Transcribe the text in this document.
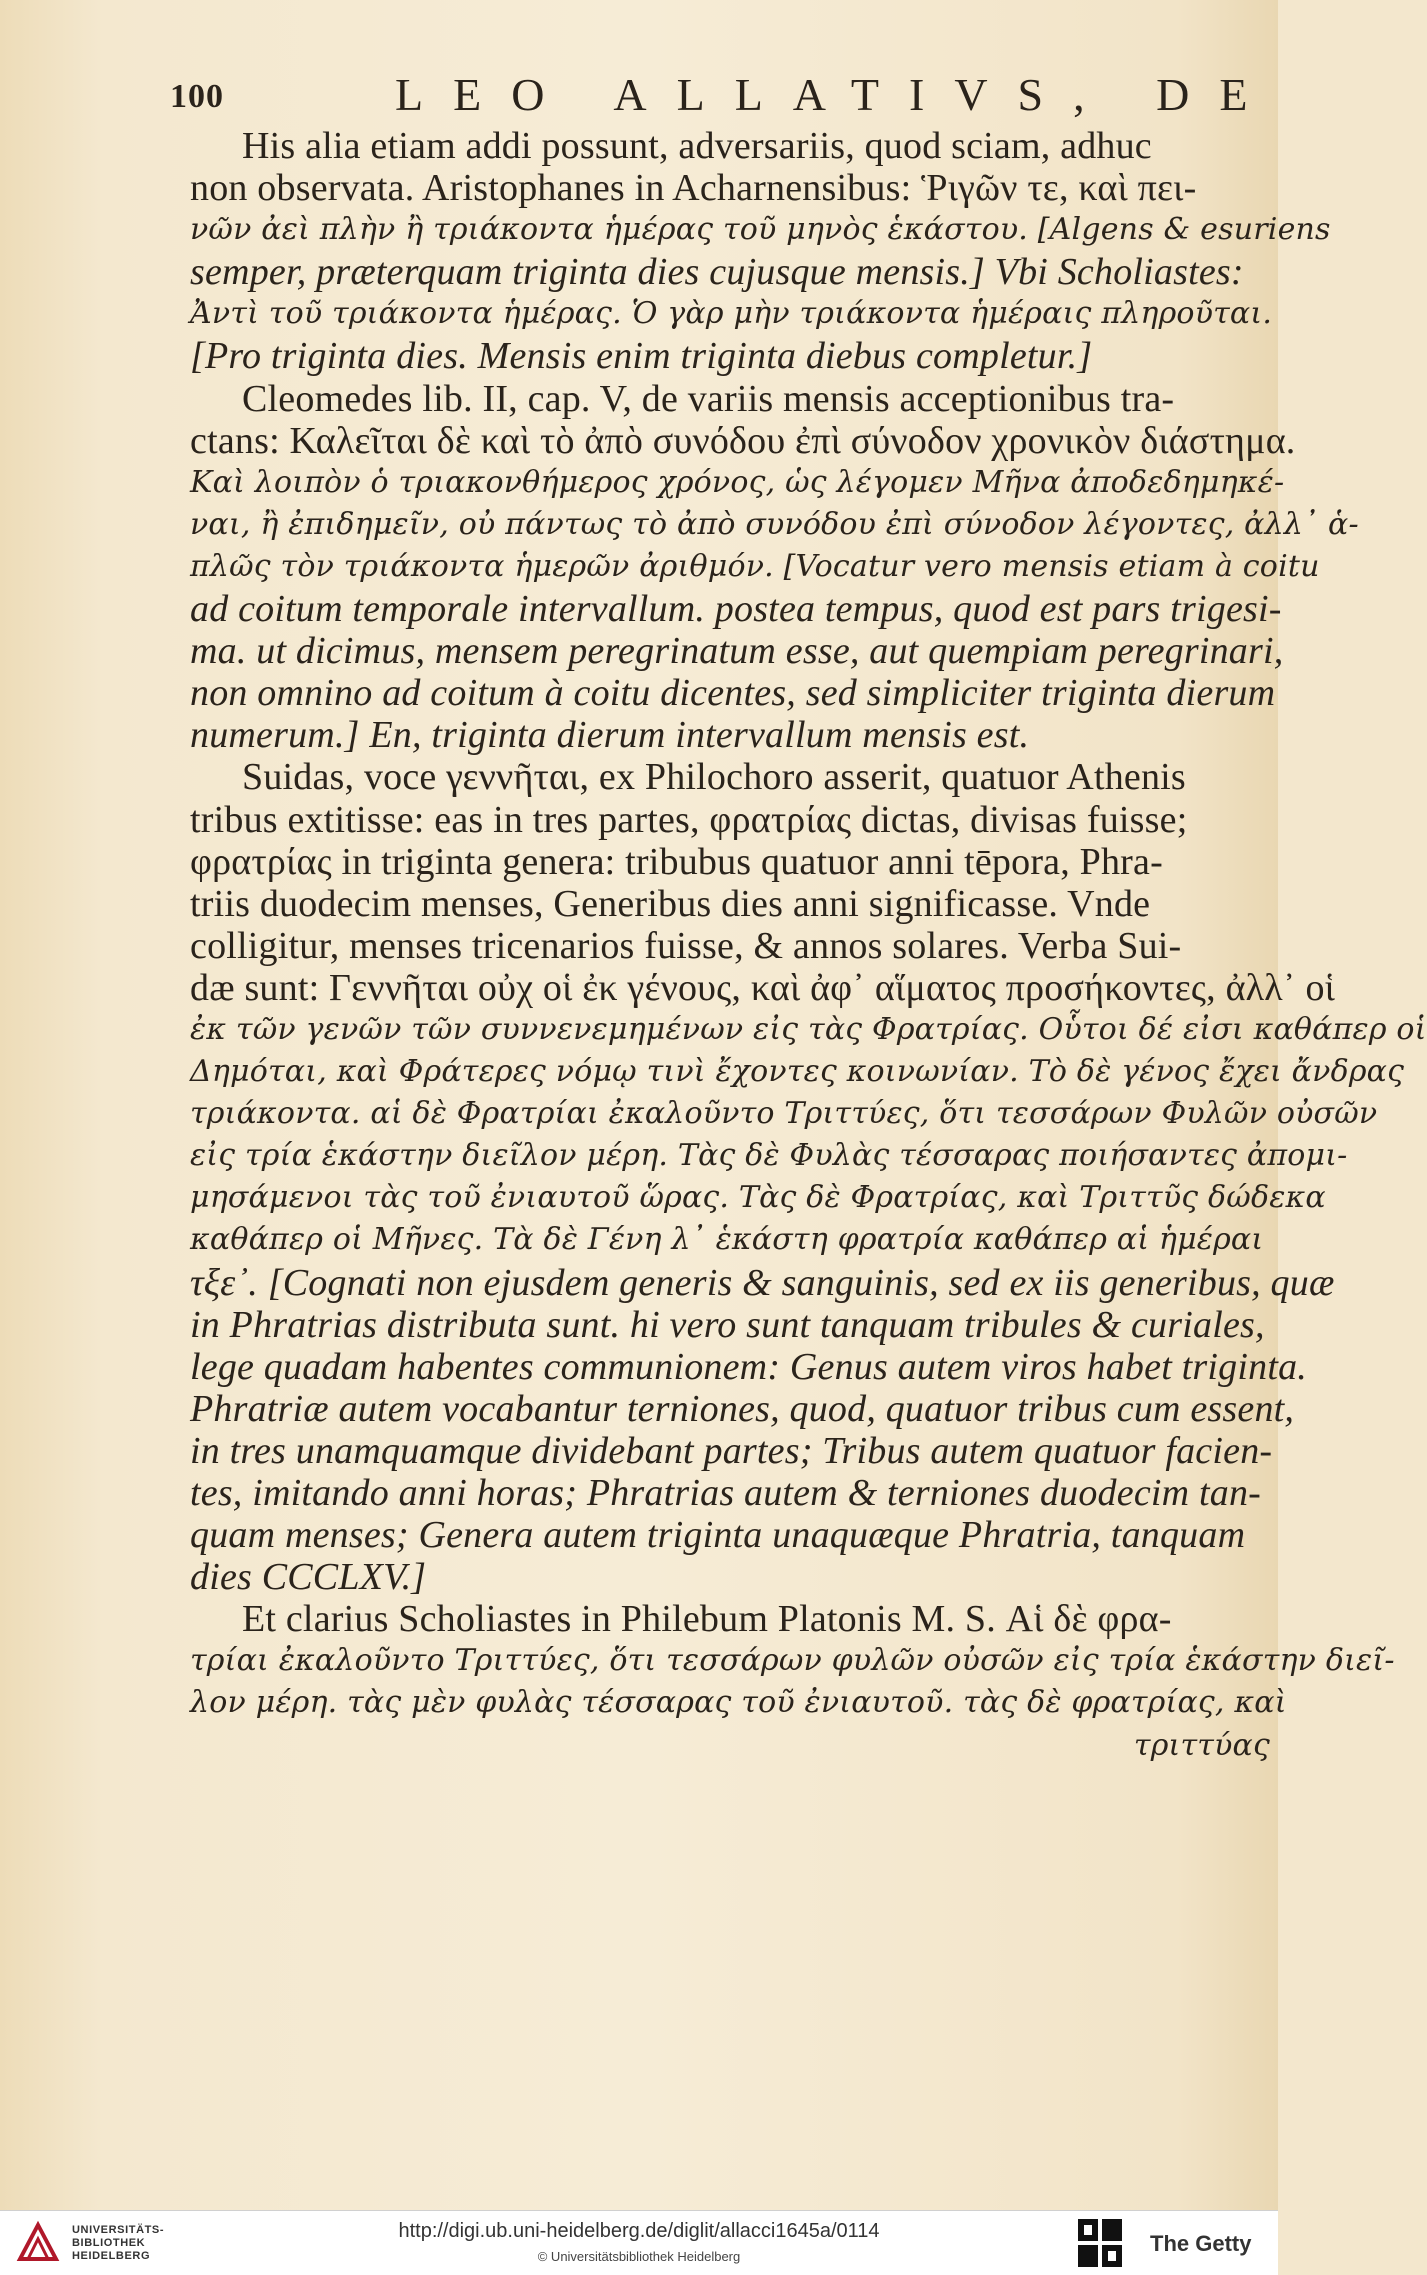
100	LEO ALLATIVS, DE
His alia etiam addi possunt, adversariis, quod sciam, adhuc
non observata. Aristophanes in Acharnensibus: Ῥιγῶν τε, καὶ πει-
νῶν ἀεὶ πλὴν ἢ τριάκοντα ἡμέρας τοῦ μηνὸς ἑκάστου. [Algens & esuriens
semper, præterquam triginta dies cujusque mensis.] Vbi Scholiastes:
Ἀντὶ τοῦ τριάκοντα ἡμέρας. Ὁ γὰρ μὴν τριάκοντα ἡμέραις πληροῦται.
[Pro triginta dies. Mensis enim triginta diebus completur.]
Cleomedes lib. II, cap. V, de variis mensis acceptionibus tra-
ctans: Καλεῖται δὲ καὶ τὸ ἀπὸ συνόδου ἐπὶ σύνοδον χρονικὸν διάστημα.
Καὶ λοιπὸν ὁ τριακονθήμερος χρόνος, ὡς λέγομεν Μῆνα ἀποδεδημηκέ-
ναι, ἢ ἐπιδημεῖν, οὐ πάντως τὸ ἀπὸ συνόδου ἐπὶ σύνοδον λέγοντες, ἀλλ᾽ ἁ-
πλῶς τὸν τριάκοντα ἡμερῶν ἀριθμόν. [Vocatur vero mensis etiam à coitu
ad coitum temporale intervallum. postea tempus, quod est pars trigesi-
ma. ut dicimus, mensem peregrinatum esse, aut quempiam peregrinari,
non omnino ad coitum à coitu dicentes, sed simpliciter triginta dierum
numerum.] En, triginta dierum intervallum mensis est.
Suidas, voce γεννῆται, ex Philochoro asserit, quatuor Athenis
tribus extitisse: eas in tres partes, φρατρίας dictas, divisas fuisse;
φρατρίας in triginta genera: tribubus quatuor anni tēpora, Phra-
triis duodecim menses, Generibus dies anni significasse. Vnde
colligitur, menses tricenarios fuisse, & annos solares. Verba Sui-
dæ sunt: Γεννῆται οὐχ οἱ ἐκ γένους, καὶ ἀφ᾽ αἵματος προσήκοντες, ἀλλ᾽ οἱ
ἐκ τῶν γενῶν τῶν συννενεμημένων εἰς τὰς Φρατρίας. Οὗτοι δέ εἰσι καθάπερ οἱ
Δημόται, καὶ Φράτερες νόμῳ τινὶ ἔχοντες κοινωνίαν. Τὸ δὲ γένος ἔχει ἄνδρας
τριάκοντα. αἱ δὲ Φρατρίαι ἐκαλοῦντο Τριττύες, ὅτι τεσσάρων Φυλῶν οὐσῶν
εἰς τρία ἑκάστην διεῖλον μέρη. Τὰς δὲ Φυλὰς τέσσαρας ποιήσαντες ἀπομι-
μησάμενοι τὰς τοῦ ἐνιαυτοῦ ὥρας. Τὰς δὲ Φρατρίας, καὶ Τριττῦς δώδεκα
καθάπερ οἱ Μῆνες. Τὰ δὲ Γένη λ᾽ ἑκάστη φρατρία καθάπερ αἱ ἡμέραι
τξε᾽. [Cognati non ejusdem generis & sanguinis, sed ex iis generibus, quæ
in Phratrias distributa sunt. hi vero sunt tanquam tribules & curiales,
lege quadam habentes communionem: Genus autem viros habet triginta.
Phratriæ autem vocabantur terniones, quod, quatuor tribus cum essent,
in tres unamquamque dividebant partes; Tribus autem quatuor facien-
tes, imitando anni horas; Phratrias autem & terniones duodecim tan-
quam menses; Genera autem triginta unaquæque Phratria, tanquam
dies CCCLXV.]
Et clarius Scholiastes in Philebum Platonis M. S. Αἱ δὲ φρα-
τρίαι ἐκαλοῦντο Τριττύες, ὅτι τεσσάρων φυλῶν οὐσῶν εἰς τρία ἑκάστην διεῖ-
λον μέρη. τὰς μὲν φυλὰς τέσσαρας τοῦ ἐνιαυτοῦ. τὰς δὲ φρατρίας, καὶ
τριττύας
UNIVERSITÄTS-
BIBLIOTHEK
HEIDELBERG
http://digi.ub.uni-heidelberg.de/diglit/allacci1645a/0114
© Universitätsbibliothek Heidelberg
The Getty
